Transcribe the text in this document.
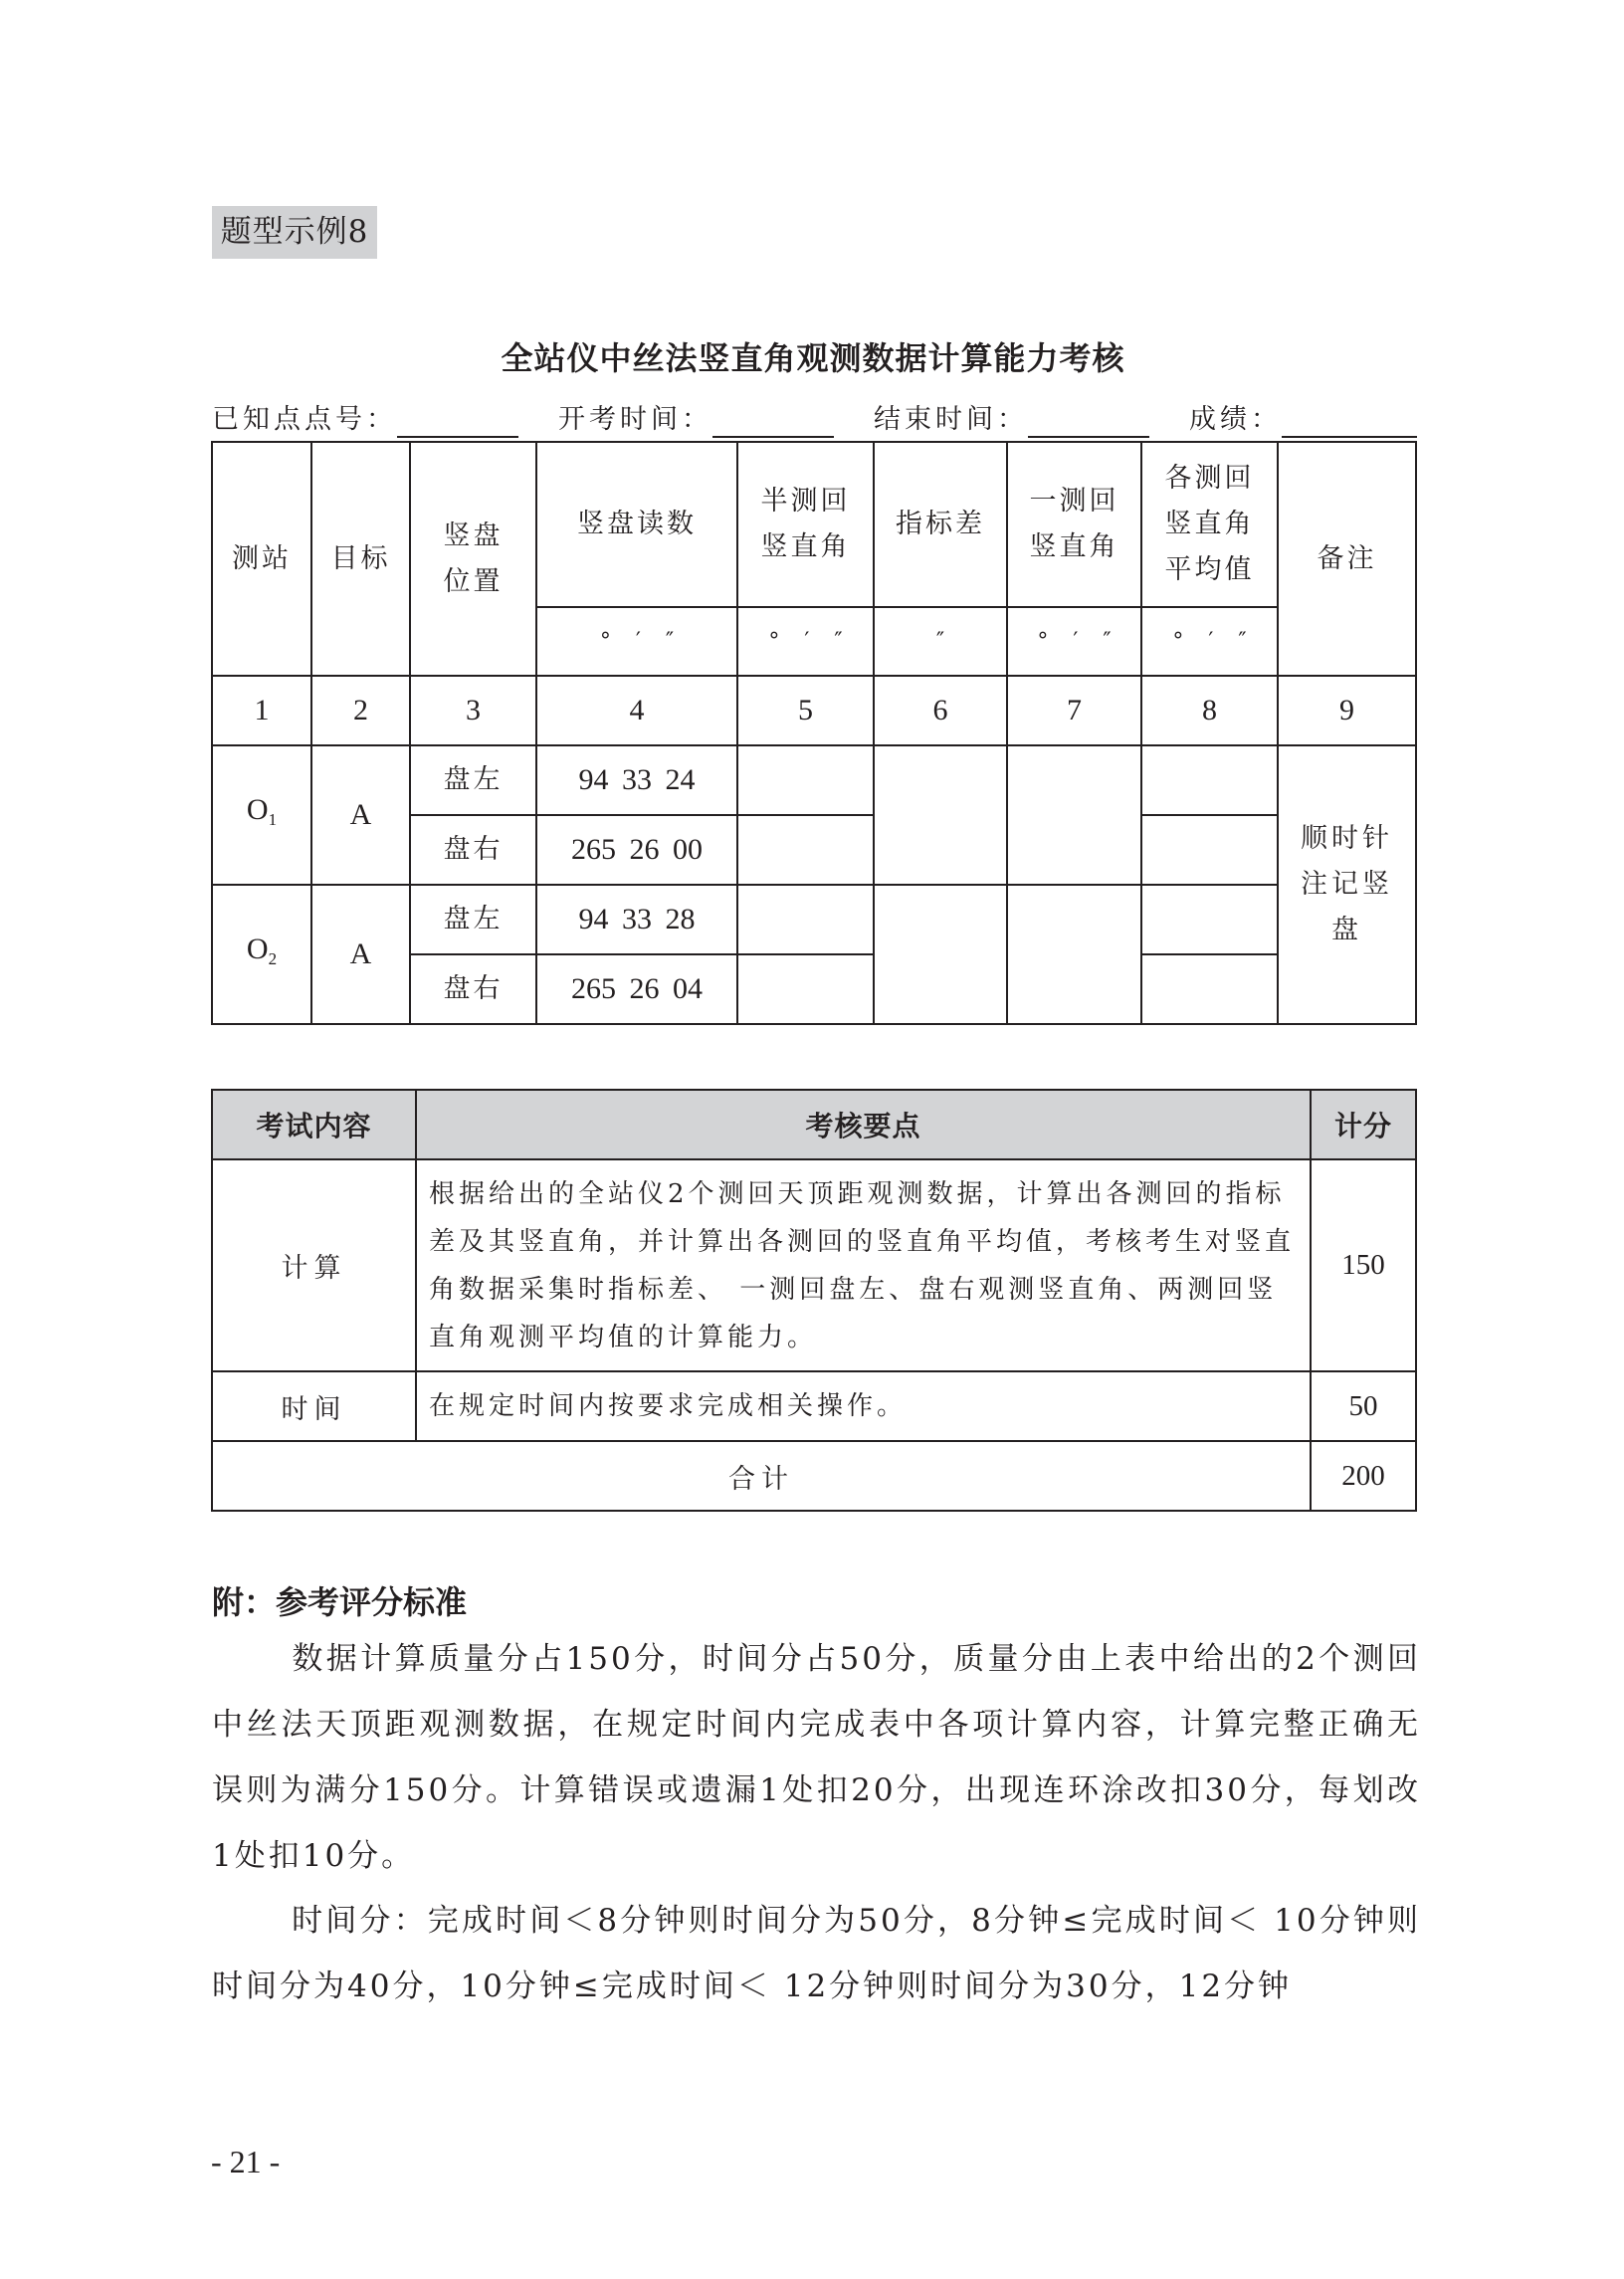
题型示例8
全站仪中丝法竖直角观测数据计算能力考核
已知点点号：	开考时间：	结束时间：	成绩：
测站	目标	竖盘位置	竖盘读数	半测回竖直角	指标差	一测回竖直角	各测回竖直角平均值	备注
			° ′ ″	° ′ ″	″	° ′ ″	° ′ ″	
1	2	3	4	5	6	7	8	9
$O_1$	A	盘左	94 33 24					顺时针注记竖盘
		盘右	265 26 00					
$O_2$	A	盘左	94 33 28					
		盘右	265 26 04					
考试内容	考核要点	计分
计算	根据给出的全站仪2个测回天顶距观测数据，计算出各测回的指标差及其竖直角，并计算出各测回的竖直角平均值，考核考生对竖直角数据采集时指标差、 一测回盘左、盘右观测竖直角、两测回竖直角观测平均值的计算能力。	150
时间	在规定时间内按要求完成相关操作。	50
合计		200
附：参考评分标准
数据计算质量分占150分，时间分占50分，质量分由上表中给出的2个测回中丝法天顶距观测数据，在规定时间内完成表中各项计算内容，计算完整正确无误则为满分150分。计算错误或遗漏1处扣20分，出现连环涂改扣30分，每划改1处扣10分。
时间分：完成时间＜8分钟则时间分为50分，8分钟≤完成时间＜ 10分钟则时间分为40分，10分钟≤完成时间＜ 12分钟则时间分为30分，12分钟
- 21 -
